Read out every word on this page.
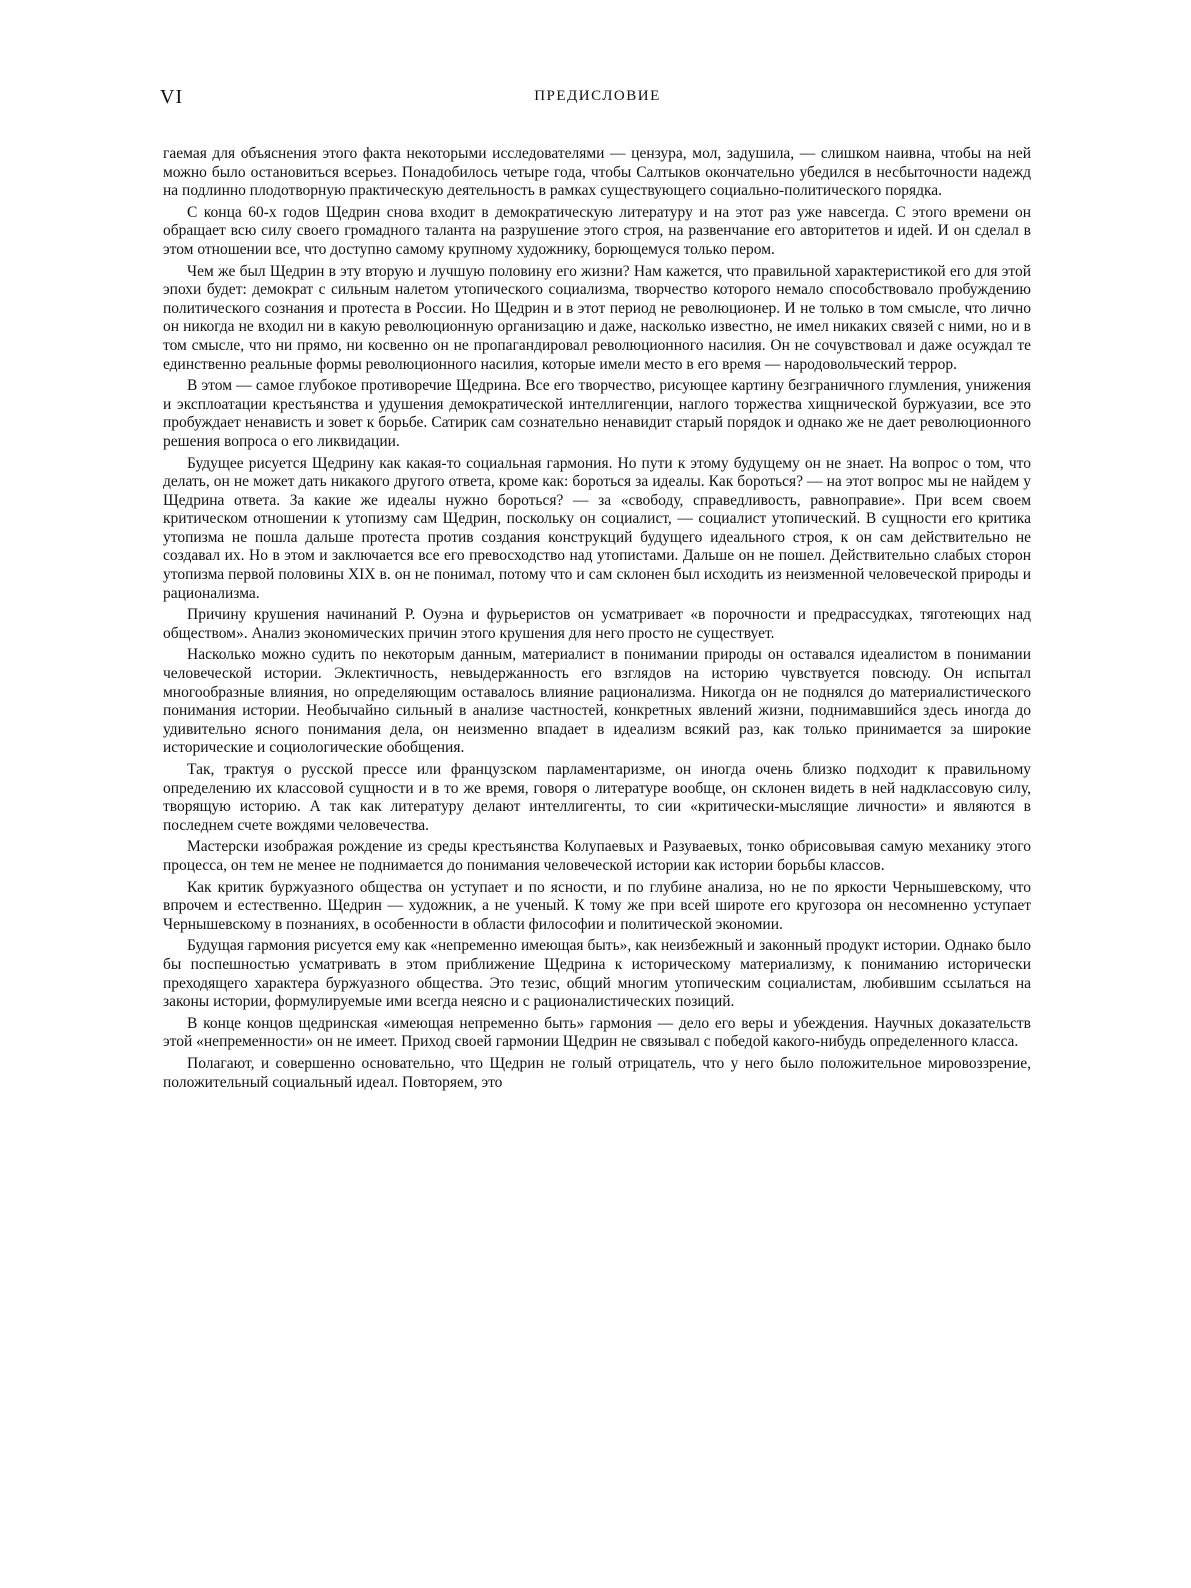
VI	ПРЕДИСЛОВИЕ

гаемая для объяснения этого факта некоторыми исследователями — цензура, мол, задушила, — слишком наивна, чтобы на ней можно было остановиться всерьез. Понадобилось четыре года, чтобы Салтыков окончательно убедился в несбыточности надежд на подлинно плодотворную практическую деятельность в рамках существующего социально-политического порядка.

С конца 60-х годов Щедрин снова входит в демократическую литературу и на этот раз уже навсегда. С этого времени он обращает всю силу своего громадного таланта на разрушение этого строя, на развенчание его авторитетов и идей. И он сделал в этом отношении все, что доступно самому крупному художнику, борющемуся только пером.

Чем же был Щедрин в эту вторую и лучшую половину его жизни? Нам кажется, что правильной характеристикой его для этой эпохи будет: демократ с сильным налетом утопического социализма, творчество которого немало способствовало пробуждению политического сознания и протеста в России. Но Щедрин и в этот период не революционер. И не только в том смысле, что лично он никогда не входил ни в какую революционную организацию и даже, насколько известно, не имел никаких связей с ними, но и в том смысле, что ни прямо, ни косвенно он не пропагандировал революционного насилия. Он не сочувствовал и даже осуждал те единственно реальные формы революционного насилия, которые имели место в его время — народовольческий террор.

В этом — самое глубокое противоречие Щедрина. Все его творчество, рисующее картину безграничного глумления, унижения и эксплоатации крестьянства и удушения демократической интеллигенции, наглого торжества хищнической буржуазии, все это пробуждает ненависть и зовет к борьбе. Сатирик сам сознательно ненавидит старый порядок и однако же не дает революционного решения вопроса о его ликвидации.

Будущее рисуется Щедрину как какая-то социальная гармония. Но пути к этому будущему он не знает. На вопрос о том, что делать, он не может дать никакого другого ответа, кроме как: бороться за идеалы. Как бороться? — на этот вопрос мы не найдем у Щедрина ответа. За какие же идеалы нужно бороться? — за «свободу, справедливость, равноправие». При всем своем критическом отношении к утопизму сам Щедрин, поскольку он социалист, — социалист утопический. В сущности его критика утопизма не пошла дальше протеста против создания конструкций будущего идеального строя, к он сам действительно не создавал их. Но в этом и заключается все его превосходство над утопистами. Дальше он не пошел. Действительно слабых сторон утопизма первой половины XIX в. он не понимал, потому что и сам склонен был исходить из неизменной человеческой природы и рационализма.

Причину крушения начинаний Р. Оуэна и фурьеристов он усматривает «в порочности и предрассудках, тяготеющих над обществом». Анализ экономических причин этого крушения для него просто не существует.

Насколько можно судить по некоторым данным, материалист в понимании природы он оставался идеалистом в понимании человеческой истории. Эклектичность, невыдержанность его взглядов на историю чувствуется повсюду. Он испытал многообразные влияния, но определяющим оставалось влияние рационализма. Никогда он не поднялся до материалистического понимания истории. Необычайно сильный в анализе частностей, конкретных явлений жизни, поднимавшийся здесь иногда до удивительно ясного понимания дела, он неизменно впадает в идеализм всякий раз, как только принимается за широкие исторические и социологические обобщения.

Так, трактуя о русской прессе или французском парламентаризме, он иногда очень близко подходит к правильному определению их классовой сущности и в то же время, говоря о литературе вообще, он склонен видеть в ней надклассовую силу, творящую историю. А так как литературу делают интеллигенты, то сии «критически-мыслящие личности» и являются в последнем счете вождями человечества.

Мастерски изображая рождение из среды крестьянства Колупаевых и Разуваевых, тонко обрисовывая самую механику этого процесса, он тем не менее не поднимается до понимания человеческой истории как истории борьбы классов.

Как критик буржуазного общества он уступает и по ясности, и по глубине анализа, но не по яркости Чернышевскому, что впрочем и естественно. Щедрин — художник, а не ученый. К тому же при всей широте его кругозора он несомненно уступает Чернышевскому в познаниях, в особенности в области философии и политической экономии.

Будущая гармония рисуется ему как «непременно имеющая быть», как неизбежный и законный продукт истории. Однако было бы поспешностью усматривать в этом приближение Щедрина к историческому материализму, к пониманию исторически преходящего характера буржуазного общества. Это тезис, общий многим утопическим социалистам, любившим ссылаться на законы истории, формулируемые ими всегда неясно и с рационалистических позиций.

В конце концов щедринская «имеющая непременно быть» гармония — дело его веры и убеждения. Научных доказательств этой «непременности» он не имеет. Приход своей гармонии Щедрин не связывал с победой какого-нибудь определенного класса.

Полагают, и совершенно основательно, что Щедрин не голый отрицатель, что у него было положительное мировоззрение, положительный социальный идеал. Повторяем, это
